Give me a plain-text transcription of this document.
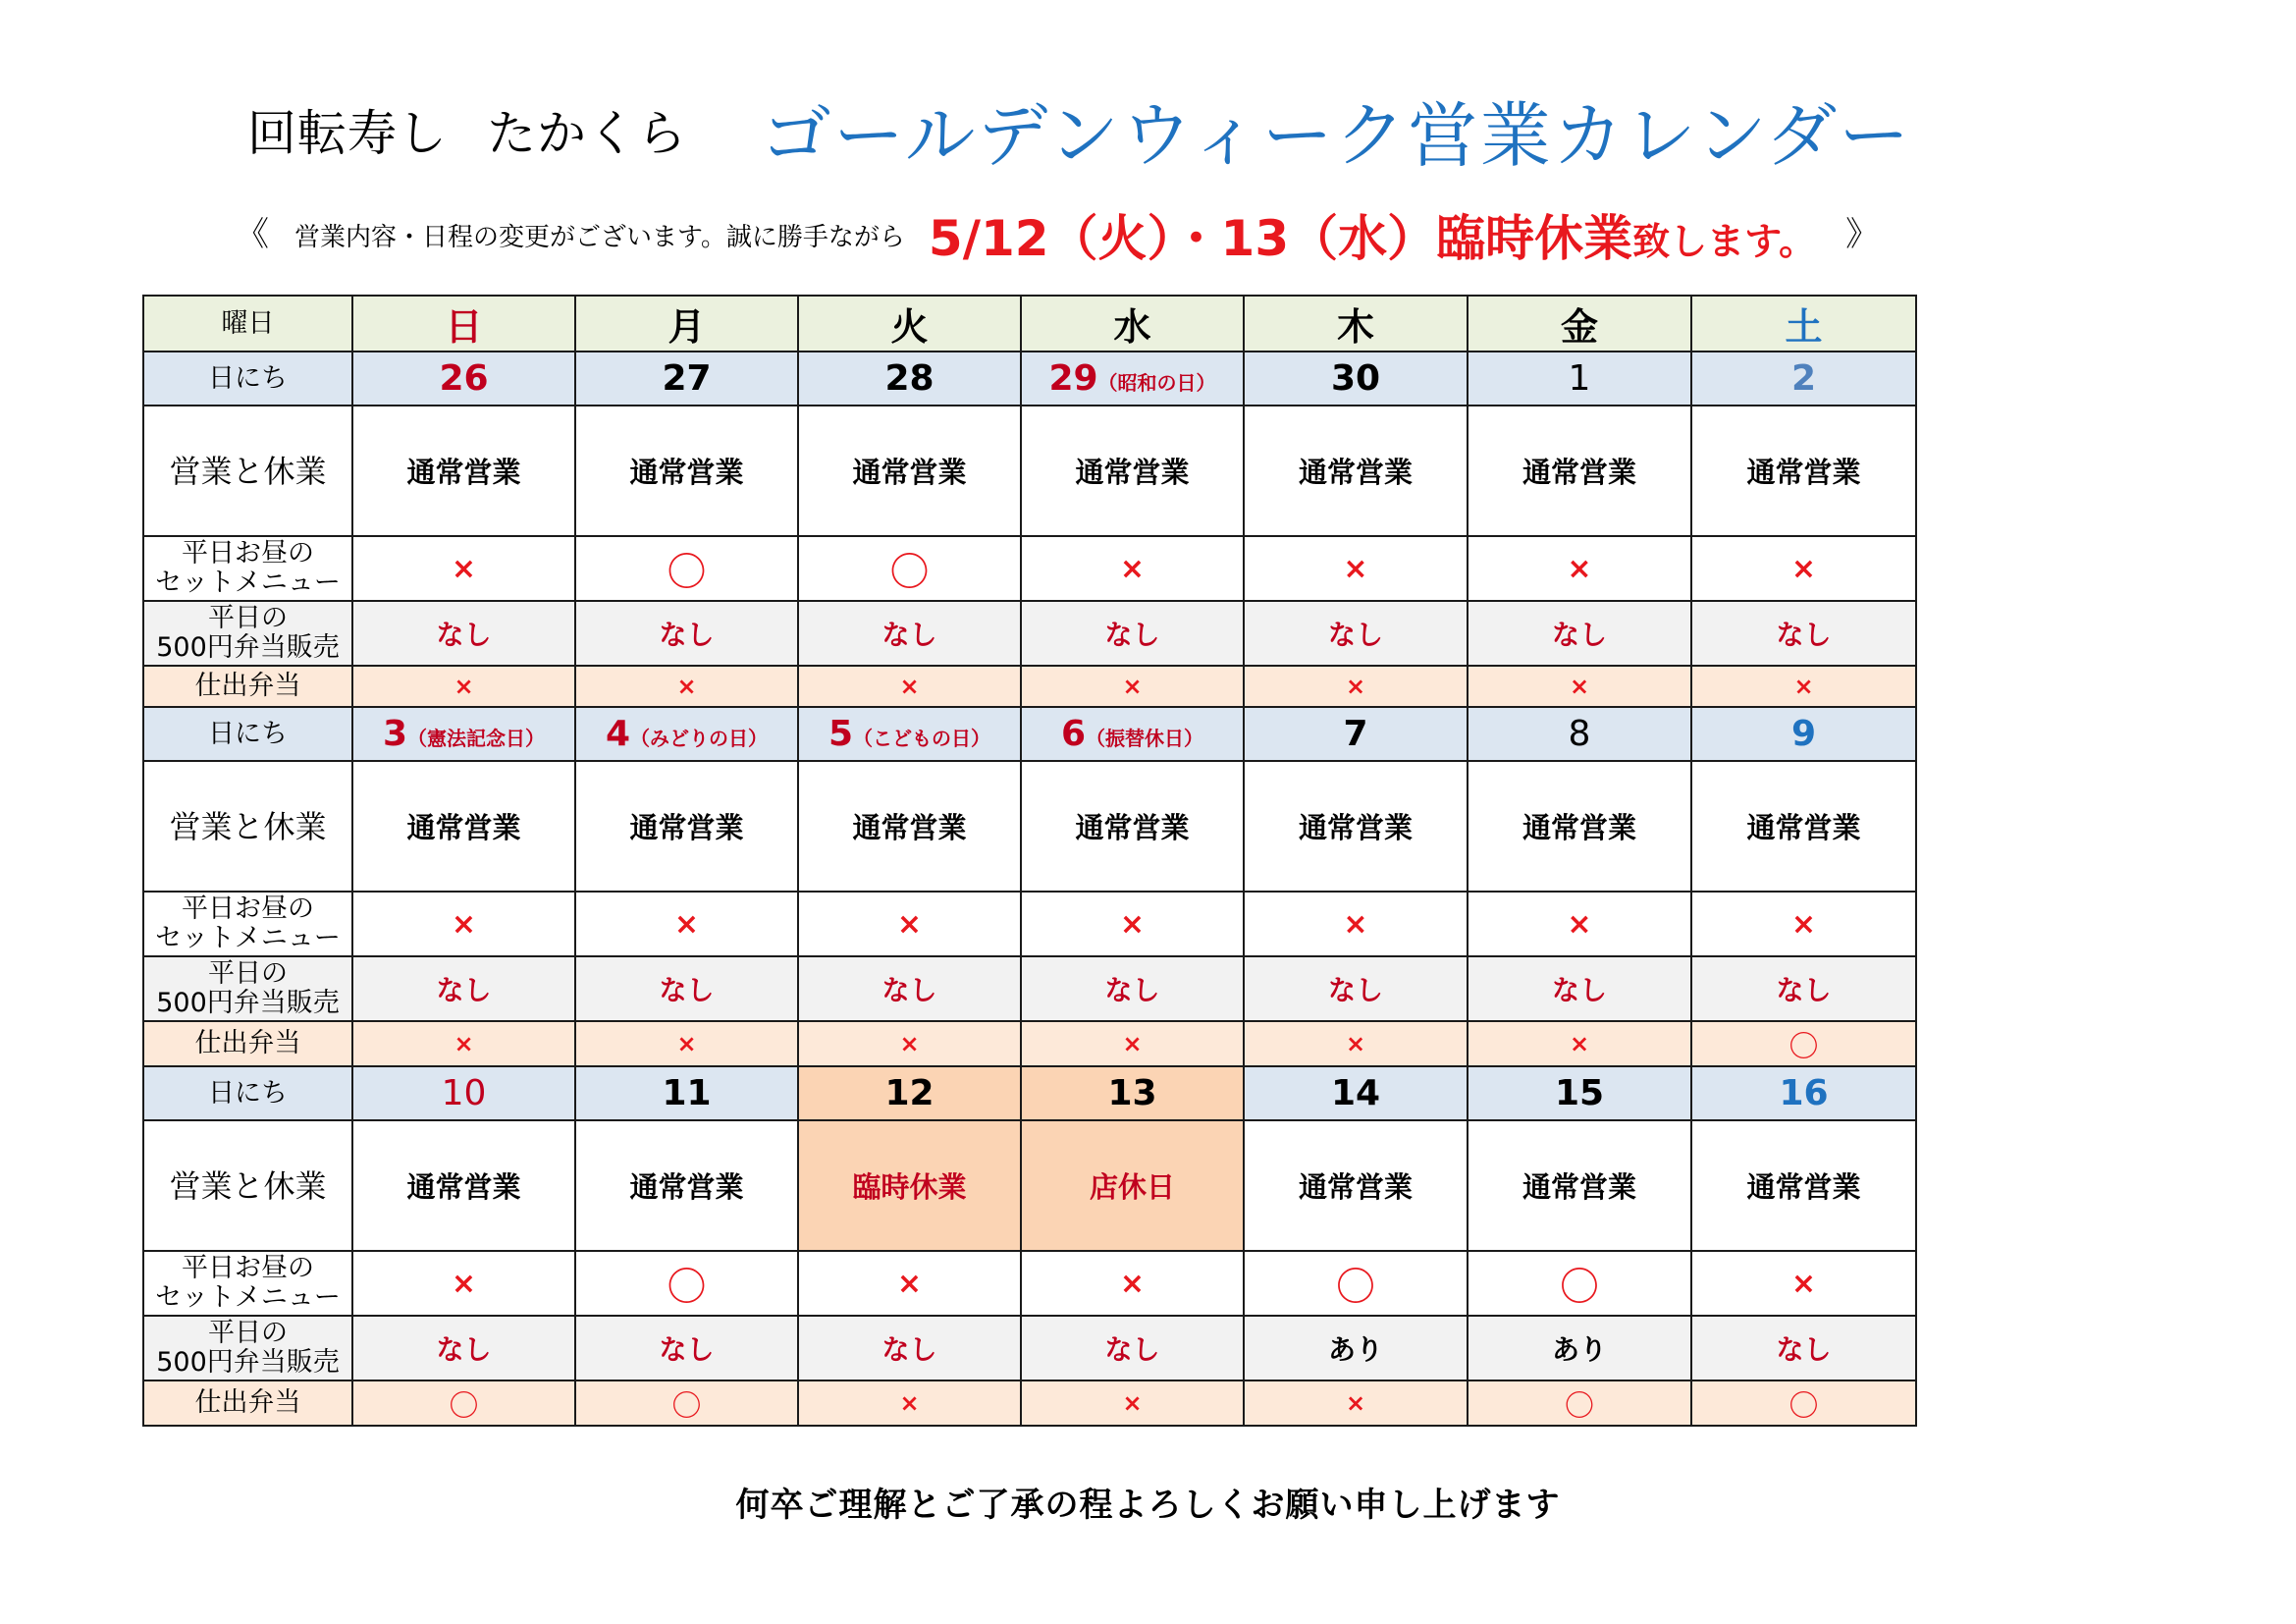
回転寿し たかくら ゴールデンウィーク営業カレンダー
《 営業内容・日程の変更がございます。誠に勝手ながら 5/12（火）・13（水）臨時休業 致します。 》
曜日	日	月	火	水	木	金	土
日にち	26	27	28	29（昭和の日）	30	1	2
営業と休業	通常営業	通常営業	通常営業	通常営業	通常営業	通常営業	通常営業
平日お昼の
セットメニュー	×	〇	〇	×	×	×	×
平日の
500円弁当販売	なし	なし	なし	なし	なし	なし	なし
仕出弁当	×	×	×	×	×	×	×
日にち	3（憲法記念日）	4（みどりの日）	5（こどもの日）	6（振替休日）	7	8	9
営業と休業	通常営業	通常営業	通常営業	通常営業	通常営業	通常営業	通常営業
平日お昼の
セットメニュー	×	×	×	×	×	×	×
平日の
500円弁当販売	なし	なし	なし	なし	なし	なし	なし
仕出弁当	×	×	×	×	×	×	〇
日にち	10	11	12	13	14	15	16
営業と休業	通常営業	通常営業	臨時休業	店休日	通常営業	通常営業	通常営業
平日お昼の
セットメニュー	×	〇	×	×	〇	〇	×
平日の
500円弁当販売	なし	なし	なし	なし	あり	あり	なし
仕出弁当	〇	〇	×	×	×	〇	〇
何卒ご理解とご了承の程よろしくお願い申し上げます
